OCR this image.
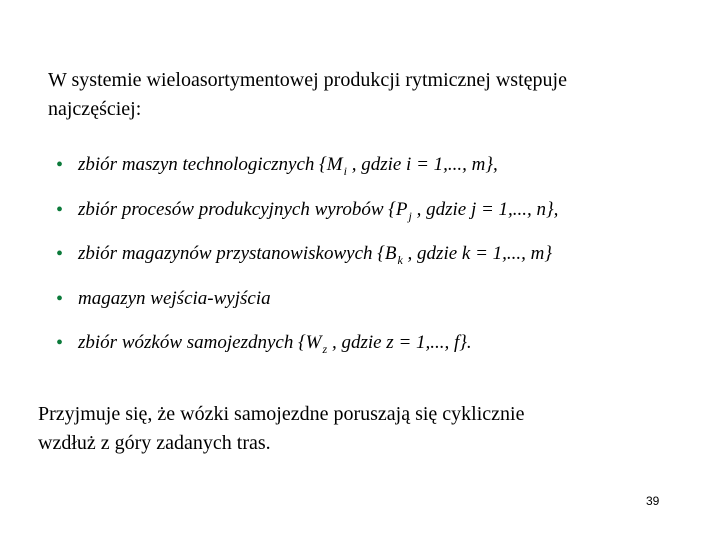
W systemie wieloasortymentowej produkcji rytmicznej wstępuje
najczęściej:
• zbiór maszyn technologicznych {$M_i$ , gdzie i = 1,..., m},
• zbiór procesów produkcyjnych wyrobów {$P_j$ , gdzie j = 1,..., n},
• zbiór magazynów przystanowiskowych {$B_k$ , gdzie k = 1,..., m}
• magazyn wejścia-wyjścia
• zbiór wózków samojezdnych {$W_z$ , gdzie z = 1,..., f}.
Przyjmuje się, że wózki samojezdne poruszają się cyklicznie
wzdłuż z góry zadanych tras.
39
